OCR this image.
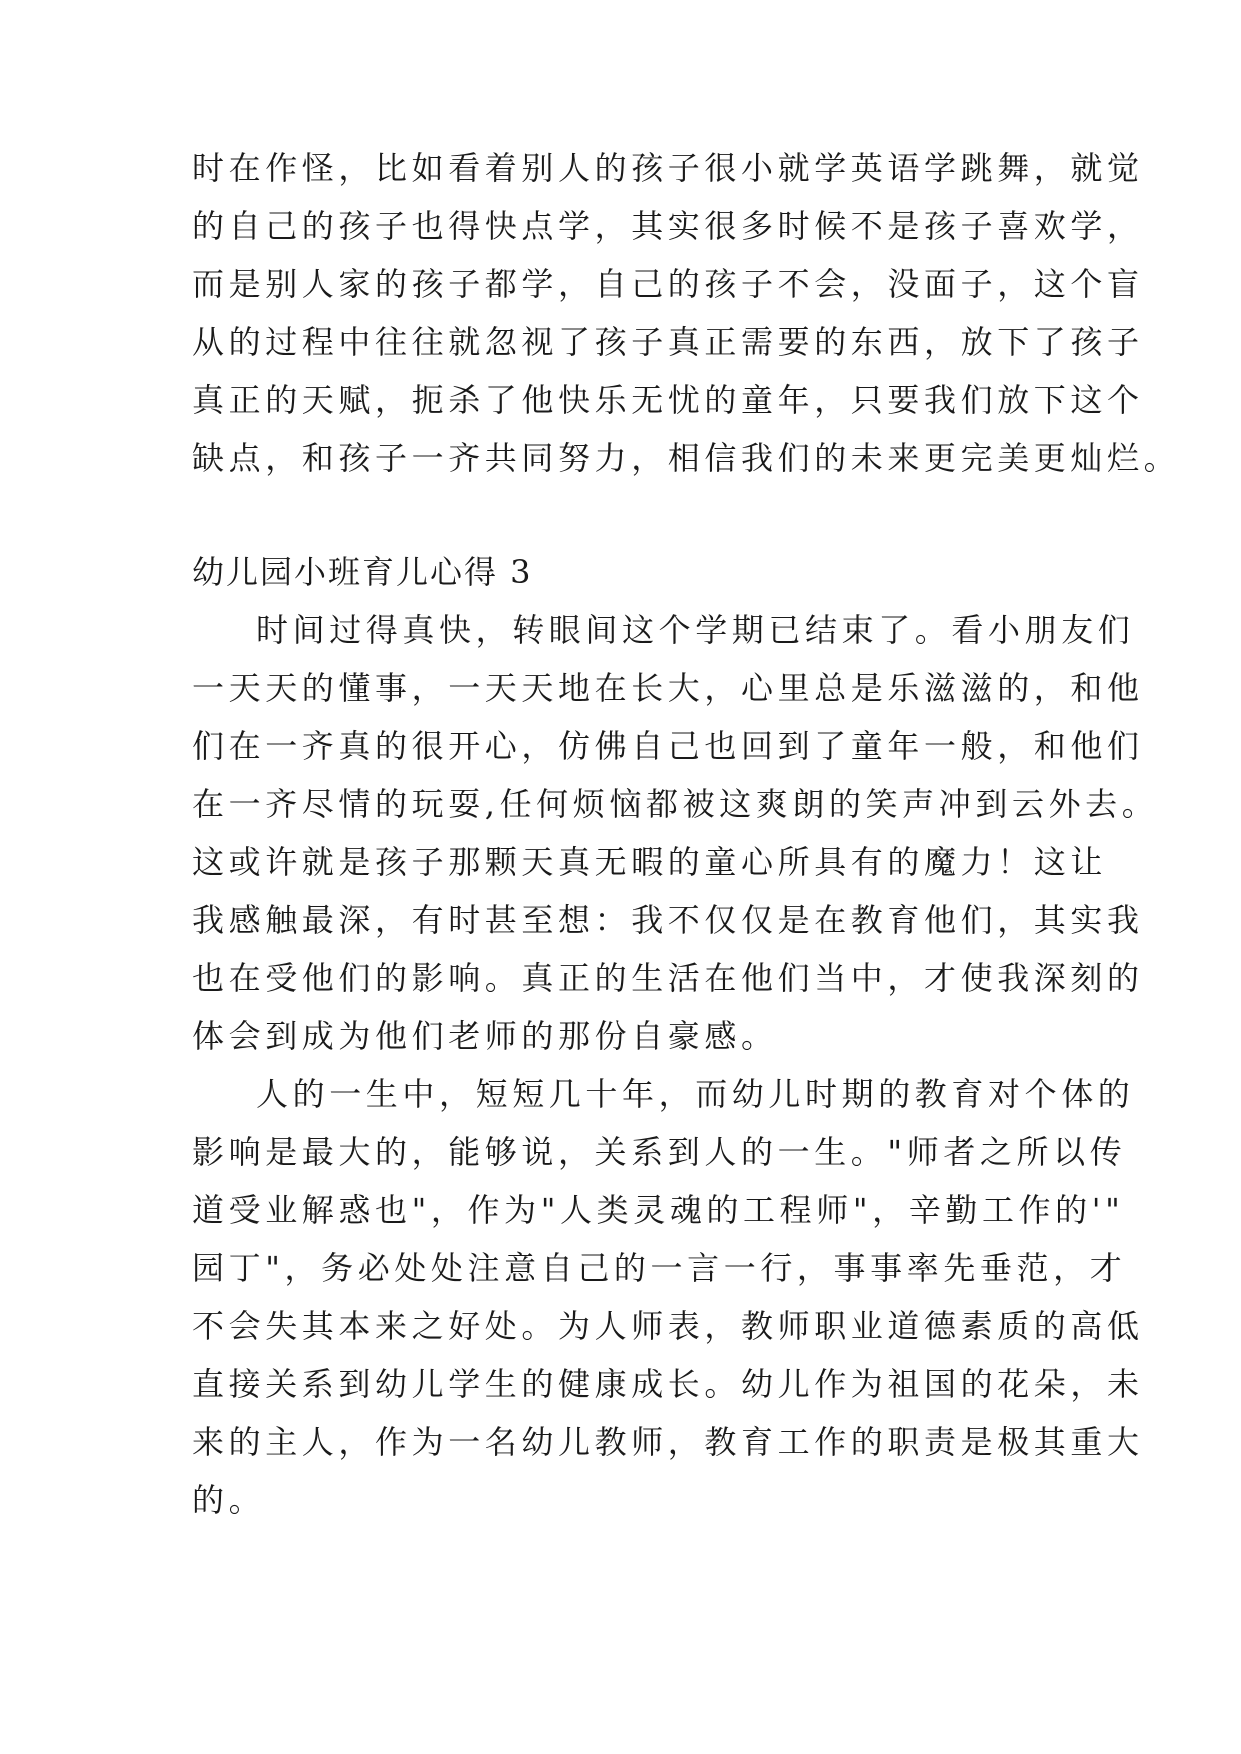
时在作怪，比如看着别人的孩子很小就学英语学跳舞，就觉
的自己的孩子也得快点学，其实很多时候不是孩子喜欢学，
而是别人家的孩子都学，自己的孩子不会，没面子，这个盲
从的过程中往往就忽视了孩子真正需要的东西，放下了孩子
真正的天赋，扼杀了他快乐无忧的童年，只要我们放下这个
缺点，和孩子一齐共同努力，相信我们的未来更完美更灿烂。
幼儿园小班育儿心得 3
时间过得真快，转眼间这个学期已结束了。看小朋友们
一天天的懂事，一天天地在长大，心里总是乐滋滋的，和他
们在一齐真的很开心，仿佛自己也回到了童年一般，和他们
在一齐尽情的玩耍,任何烦恼都被这爽朗的笑声冲到云外去。
这或许就是孩子那颗天真无暇的童心所具有的魔力！这让
我感触最深，有时甚至想：我不仅仅是在教育他们，其实我
也在受他们的影响。真正的生活在他们当中，才使我深刻的
体会到成为他们老师的那份自豪感。
人的一生中，短短几十年，而幼儿时期的教育对个体的
影响是最大的，能够说，关系到人的一生。"师者之所以传
道受业解惑也"，作为"人类灵魂的工程师"，辛勤工作的'"
园丁"，务必处处注意自己的一言一行，事事率先垂范，才
不会失其本来之好处。为人师表，教师职业道德素质的高低
直接关系到幼儿学生的健康成长。幼儿作为祖国的花朵，未
来的主人，作为一名幼儿教师，教育工作的职责是极其重大
的。
